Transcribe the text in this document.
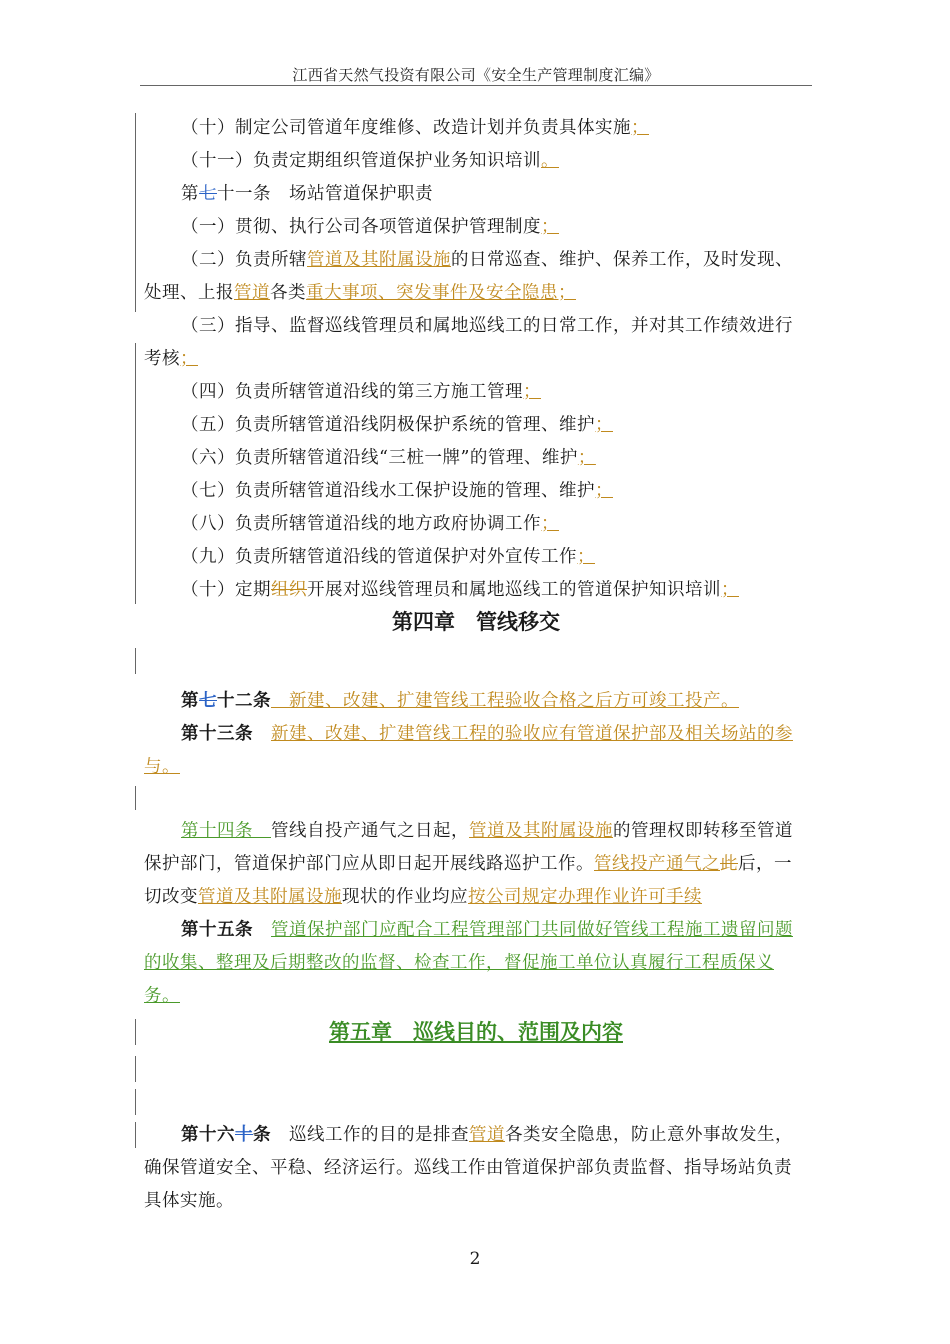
江西省天然气投资有限公司《安全生产管理制度汇编》

（十）制定公司管道年度维修、改造计划并负责具体实施；

（十一）负责定期组织管道保护业务知识培训。

第七十一条　场站管道保护职责

（一）贯彻、执行公司各项管道保护管理制度；

（二）负责所辖管道及其附属设施的日常巡查、维护、保养工作，及时发现、处理、上报管道各类重大事项、突发事件及安全隐患；

（三）指导、监督巡线管理员和属地巡线工的日常工作，并对其工作绩效进行考核；

（四）负责所辖管道沿线的第三方施工管理；

（五）负责所辖管道沿线阴极保护系统的管理、维护；

（六）负责所辖管道沿线“三桩一牌”的管理、维护；

（七）负责所辖管道沿线水工保护设施的管理、维护；

（八）负责所辖管道沿线的地方政府协调工作；

（九）负责所辖管道沿线的管道保护对外宣传工作；

（十）定期组织开展对巡线管理员和属地巡线工的管道保护知识培训；

第四章　管线移交

第七十二条　新建、改建、扩建管线工程验收合格之后方可竣工投产。

第十三条　 新建、改建、扩建管线工程的验收应有管道保护部及相关场站的参与。

第十四条　 管线自投产通气之日起，管道及其附属设施的管理权即转移至管道保护部门，管道保护部门应从即日起开展线路巡护工作。管线投产通气之此后，一切改变管道及其附属设施现状的作业均应按公司规定办理作业许可手续

第十五条　 管道保护部门应配合工程管理部门共同做好管线工程施工遗留问题的收集、整理及后期整改的监督、检查工作，督促施工单位认真履行工程质保义务。

第五章　 巡线目的、范围及内容

第十六十条　巡线工作的目的是排查管道各类安全隐患，防止意外事故发生，确保管道安全、平稳、经济运行。巡线工作由管道保护部负责监督、指导场站负责具体实施。

2
